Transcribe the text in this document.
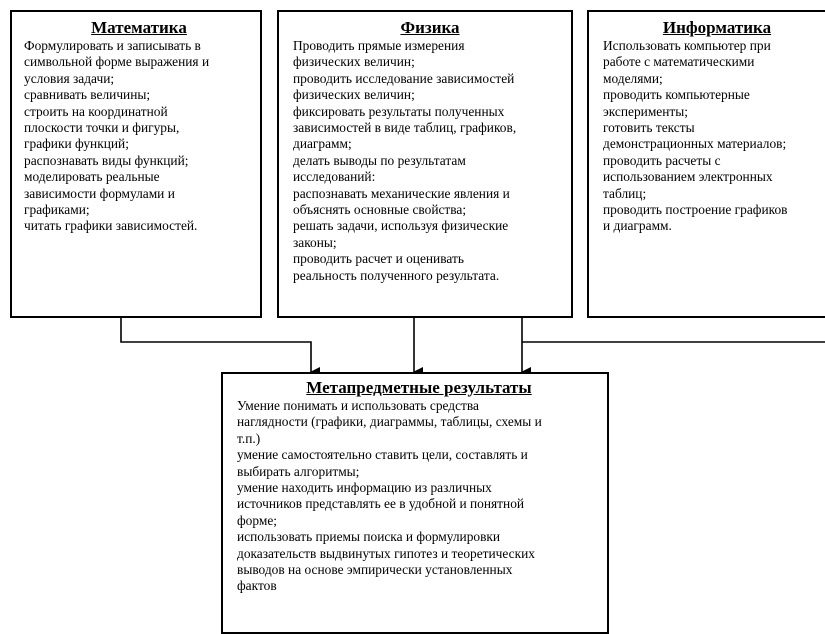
Математика

Формулировать и записывать в
символьной форме выражения и
условия задачи;
сравнивать величины;
строить на координатной
плоскости точки и фигуры,
графики функций;
распознавать виды функций;
моделировать реальные
зависимости формулами и
графиками;
читать графики зависимостей.

Физика

Проводить прямые измерения
физических величин;
проводить исследование зависимостей
физических величин;
фиксировать результаты полученных
зависимостей в виде таблиц, графиков,
диаграмм;
делать выводы по результатам
исследований:
распознавать механические явления и
объяснять основные свойства;
решать задачи, используя физические
законы;
проводить расчет и оценивать
реальность полученного результата.

Информатика

Использовать компьютер при
работе с математическими
моделями;
проводить компьютерные
эксперименты;
готовить тексты
демонстрационных материалов;
проводить расчеты с
использованием электронных
таблиц;
проводить построение графиков
и диаграмм.

Метапредметные результаты

Умение понимать и использовать средства
наглядности (графики, диаграммы, таблицы, схемы и
т.п.)
умение самостоятельно ставить цели, составлять и
выбирать алгоритмы;
умение находить информацию из различных
источников представлять ее в удобной и понятной
форме;
использовать приемы поиска и формулировки
доказательств выдвинутых гипотез и теоретических
выводов на основе эмпирически установленных
фактов
